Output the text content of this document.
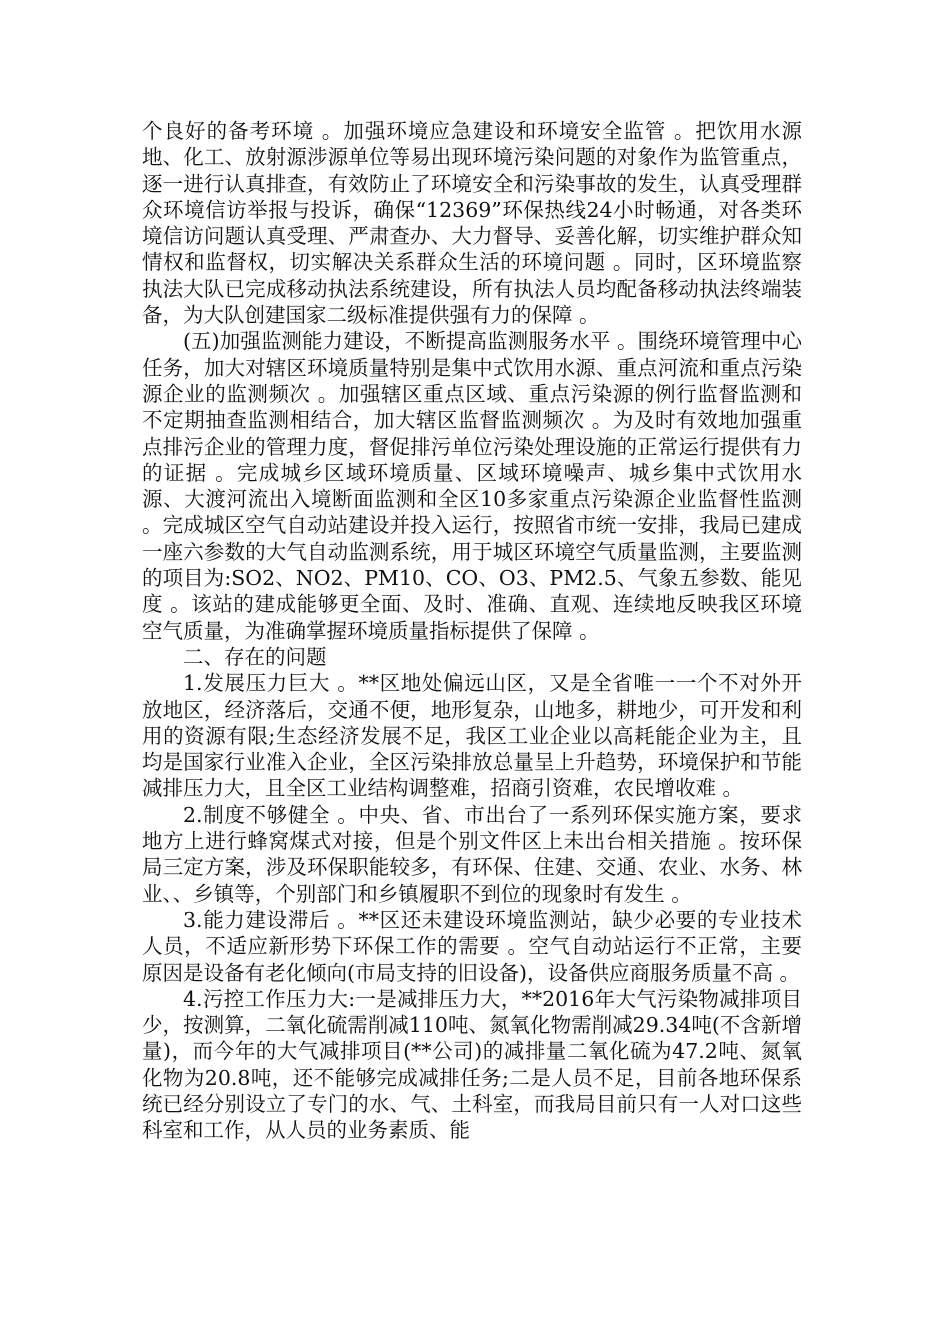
个良好的备考环境 。加强环境应急建设和环境安全监管 。把饮用水源地、化工、放射源涉源单位等易出现环境污染问题的对象作为监管重点，逐一进行认真排查，有效防止了环境安全和污染事故的发生，认真受理群众环境信访举报与投诉，确保“12369”环保热线24小时畅通，对各类环境信访问题认真受理、严肃查办、大力督导、妥善化解，切实维护群众知情权和监督权，切实解决关系群众生活的环境问题 。同时，区环境监察执法大队已完成移动执法系统建设，所有执法人员均配备移动执法终端装备，为大队创建国家二级标准提供强有力的保障 。

(五)加强监测能力建设，不断提高监测服务水平 。围绕环境管理中心任务，加大对辖区环境质量特别是集中式饮用水源、重点河流和重点污染源企业的监测频次 。加强辖区重点区域、重点污染源的例行监督监测和不定期抽查监测相结合，加大辖区监督监测频次 。为及时有效地加强重点排污企业的管理力度，督促排污单位污染处理设施的正常运行提供有力的证据 。完成城乡区域环境质量、区域环境噪声、城乡集中式饮用水源、大渡河流出入境断面监测和全区10多家重点污染源企业监督性监测 。完成城区空气自动站建设并投入运行，按照省市统一安排，我局已建成一座六参数的大气自动监测系统，用于城区环境空气质量监测，主要监测的项目为:SO2、NO2、PM10、CO、O3、PM2.5、气象五参数、能见度 。该站的建成能够更全面、及时、准确、直观、连续地反映我区环境空气质量，为准确掌握环境质量指标提供了保障 。

二、存在的问题

1.发展压力巨大 。**区地处偏远山区，又是全省唯一一个不对外开放地区，经济落后，交通不便，地形复杂，山地多，耕地少，可开发和利用的资源有限;生态经济发展不足，我区工业企业以高耗能企业为主，且均是国家行业准入企业，全区污染排放总量呈上升趋势，环境保护和节能减排压力大，且全区工业结构调整难，招商引资难，农民增收难 。

2.制度不够健全 。中央、省、市出台了一系列环保实施方案，要求地方上进行蜂窝煤式对接，但是个别文件区上未出台相关措施 。按环保局三定方案，涉及环保职能较多，有环保、住建、交通、农业、水务、林业、、乡镇等，个别部门和乡镇履职不到位的现象时有发生 。

3.能力建设滞后 。**区还未建设环境监测站，缺少必要的专业技术人员，不适应新形势下环保工作的需要 。空气自动站运行不正常，主要原因是设备有老化倾向(市局支持的旧设备)，设备供应商服务质量不高 。

4.污控工作压力大:一是减排压力大，**2016年大气污染物减排项目少，按测算，二氧化硫需削减110吨、氮氧化物需削减29.34吨(不含新增量)，而今年的大气减排项目(**公司)的减排量二氧化硫为47.2吨、氮氧化物为20.8吨，还不能够完成减排任务;二是人员不足，目前各地环保系统已经分别设立了专门的水、气、土科室，而我局目前只有一人对口这些科室和工作，从人员的业务素质、能
